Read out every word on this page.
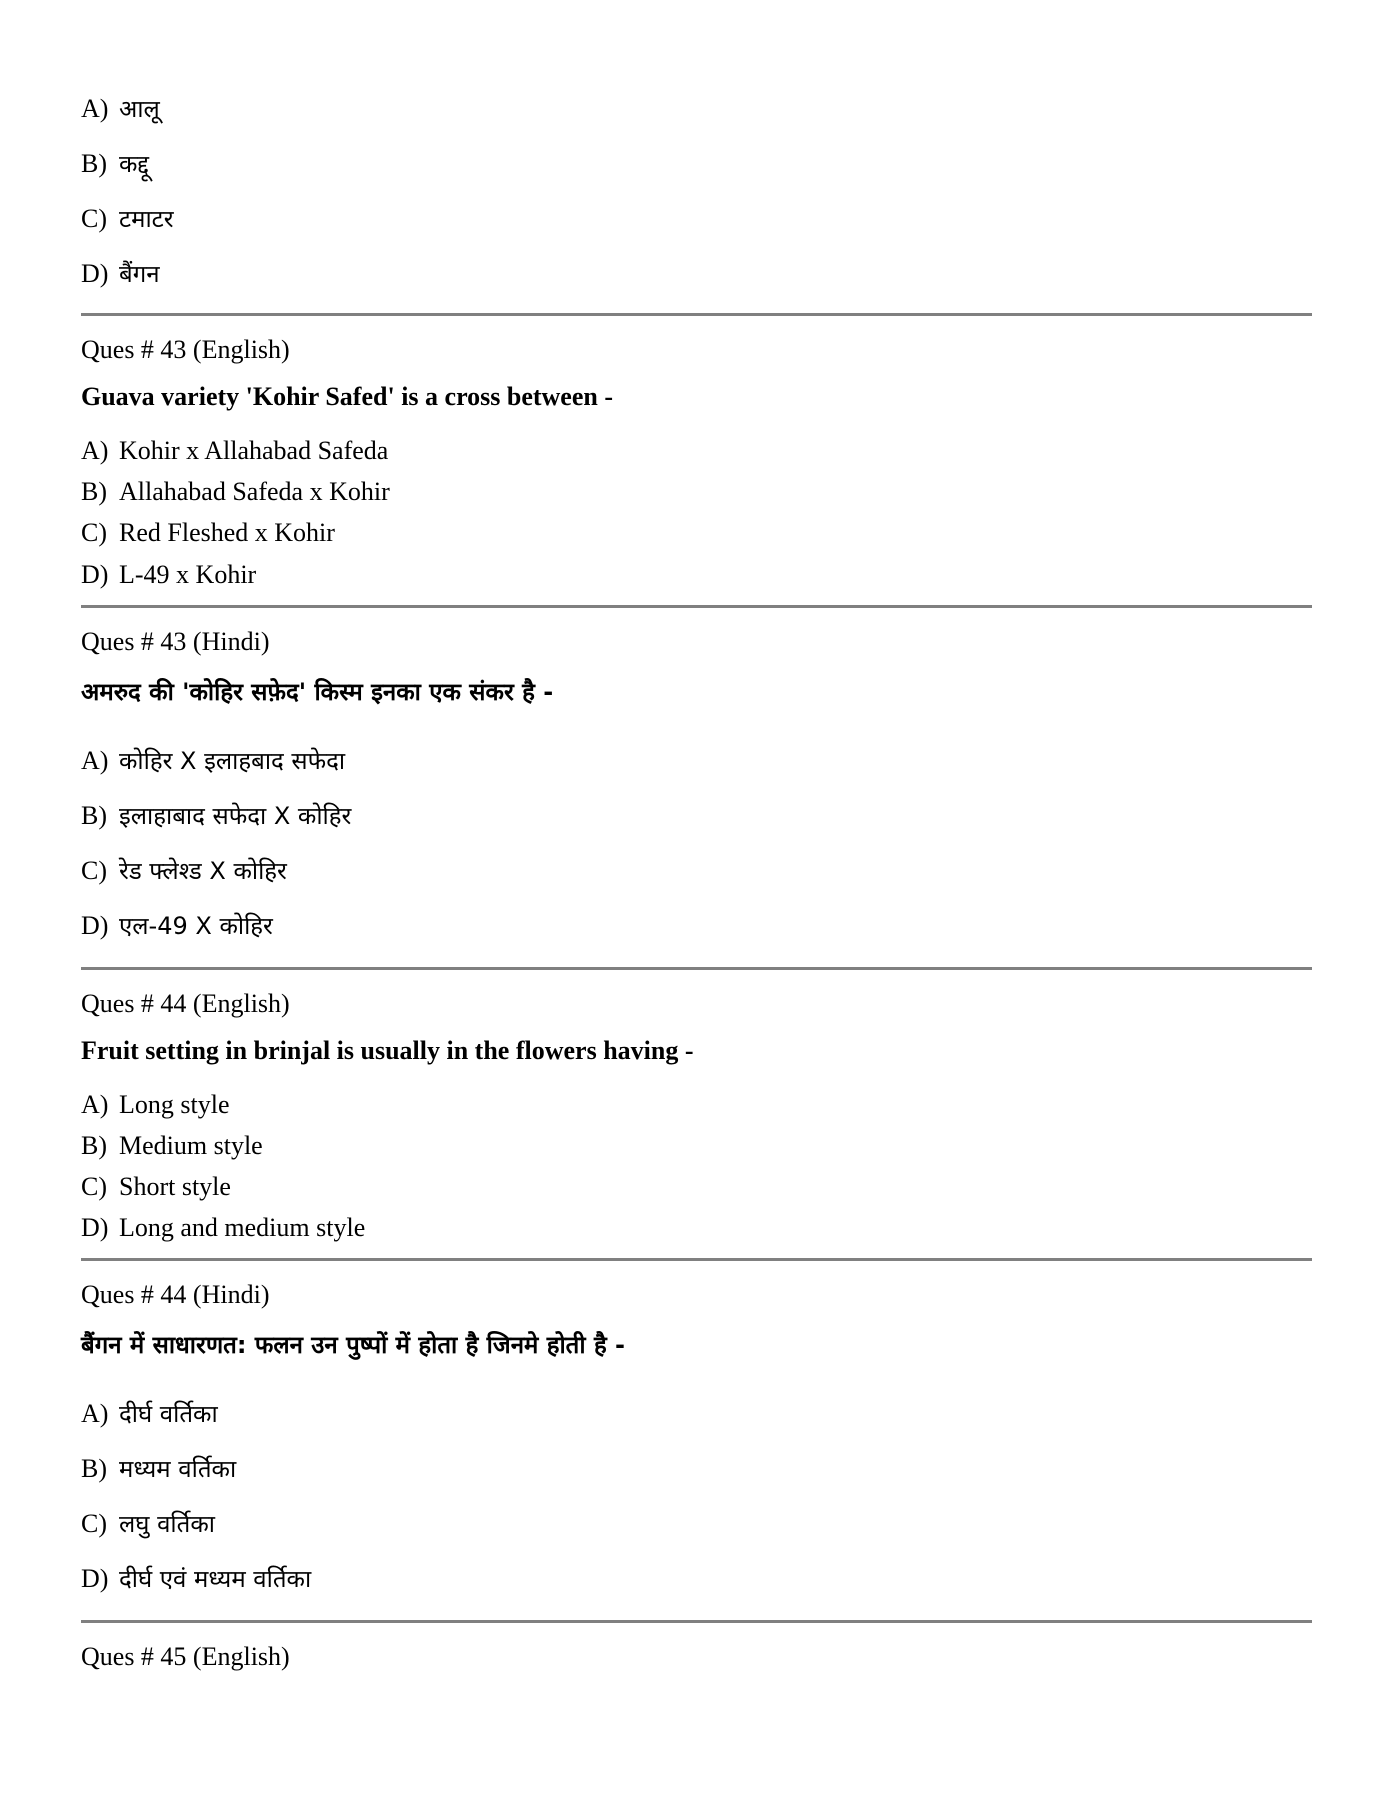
A) आलू
B) कद्दू
C) टमाटर
D) बैंगन
Ques # 43 (English)
Guava variety 'Kohir Safed' is a cross between -
A) Kohir x Allahabad Safeda
B) Allahabad Safeda x Kohir
C) Red Fleshed x Kohir
D) L-49 x Kohir
Ques # 43 (Hindi)
अमरुद की 'कोहिर सफ़ेद' किस्म इनका एक संकर है -
A) कोहिर X इलाहबाद सफेदा
B) इलाहाबाद सफेदा X कोहिर
C) रेड फ्लेश्ड X कोहिर
D) एल-49 X कोहिर
Ques # 44 (English)
Fruit setting in brinjal is usually in the flowers having -
A) Long style
B) Medium style
C) Short style
D) Long and medium style
Ques # 44 (Hindi)
बैंगन में साधारणत: फलन उन पुष्पों में होता है जिनमे होती है -
A) दीर्घ वर्तिका
B) मध्यम वर्तिका
C) लघु वर्तिका
D) दीर्घ एवं मध्यम वर्तिका
Ques # 45 (English)
